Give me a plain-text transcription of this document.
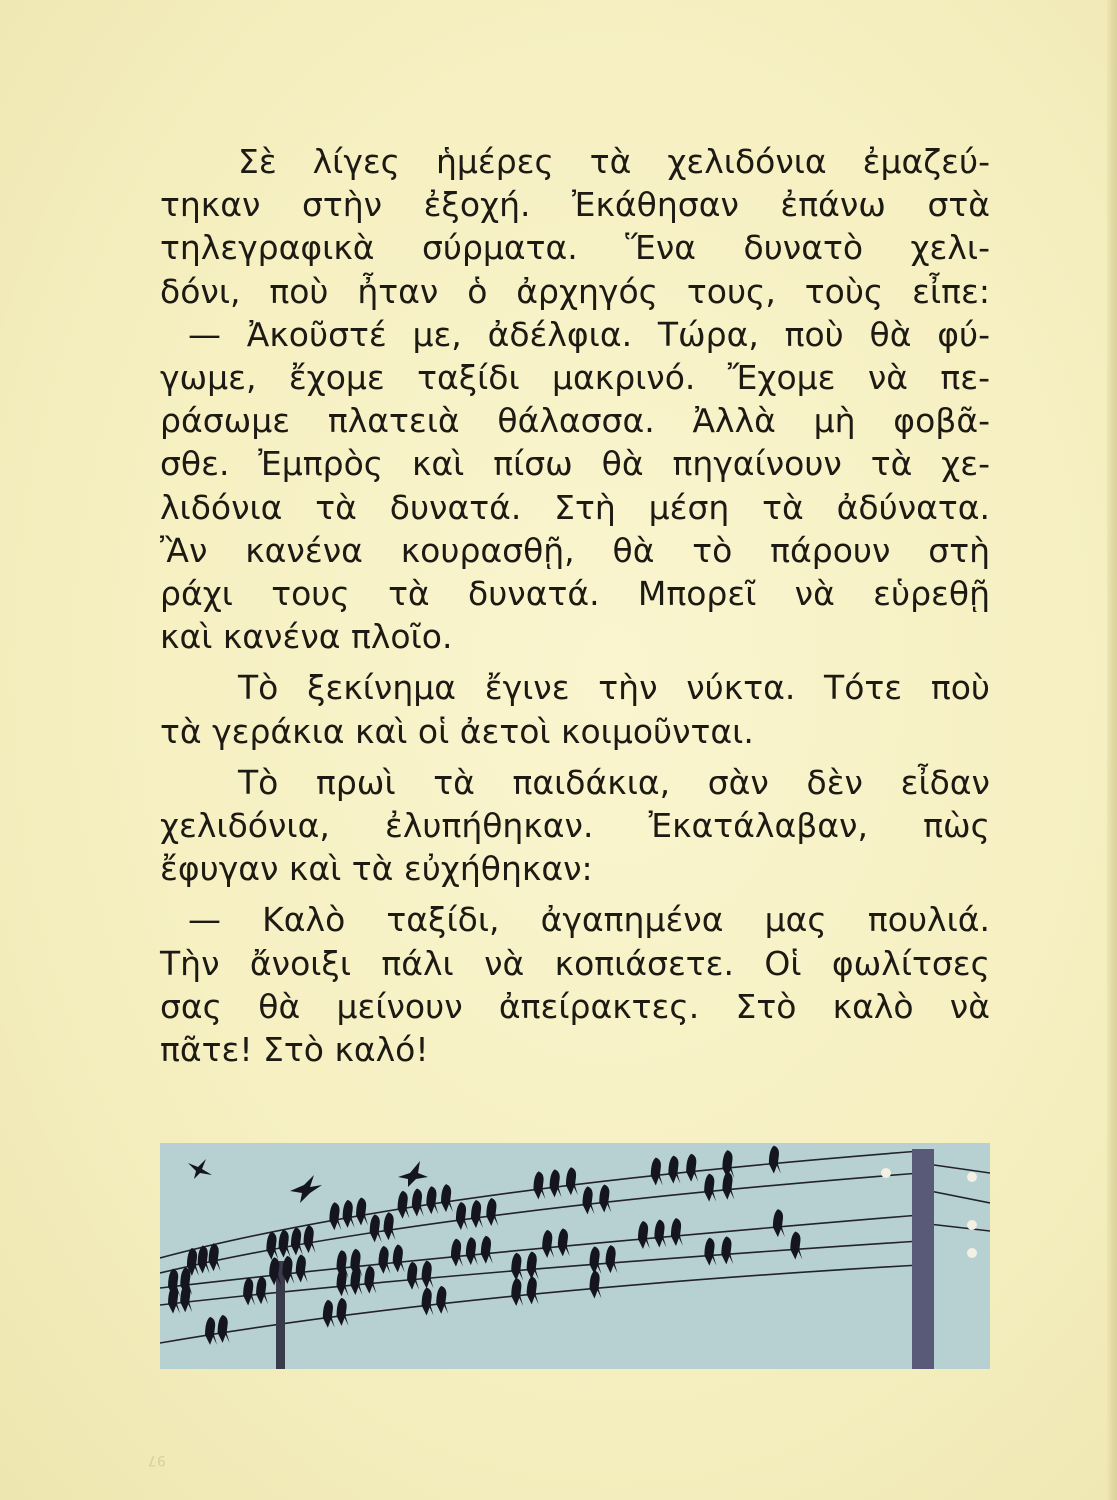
Σὲ λίγες ἡμέρες τὰ χελιδόνια ἐμαζεύ-
τηκαν στὴν ἐξοχή. Ἐκάθησαν ἐπάνω στὰ
τηλεγραφικὰ σύρματα. Ἕνα δυνατὸ χελι-
δόνι, ποὺ ἦταν ὁ ἀρχηγός τους, τοὺς εἶπε:
— Ἀκοῦστέ με, ἀδέλφια. Τώρα, ποὺ θὰ φύ-
γωμε, ἔχομε ταξίδι μακρινό. Ἔχομε νὰ πε-
ράσωμε πλατειὰ θάλασσα. Ἀλλὰ μὴ φοβᾶ-
σθε. Ἐμπρὸς καὶ πίσω θὰ πηγαίνουν τὰ χε-
λιδόνια τὰ δυνατά. Στὴ μέση τὰ ἀδύνατα.
Ἂν κανένα κουρασθῇ, θὰ τὸ πάρουν στὴ
ράχι τους τὰ δυνατά. Μπορεῖ νὰ εὑρεθῇ
καὶ κανένα πλοῖο.
Τὸ ξεκίνημα ἔγινε τὴν νύκτα. Τότε ποὺ
τὰ γεράκια καὶ οἱ ἀετοὶ κοιμοῦνται.
Τὸ πρωὶ τὰ παιδάκια, σὰν δὲν εἶδαν
χελιδόνια, ἐλυπήθηκαν. Ἐκατάλαβαν, πὼς
ἔφυγαν καὶ τὰ εὐχήθηκαν:
— Καλὸ ταξίδι, ἀγαπημένα μας πουλιά.
Τὴν ἄνοιξι πάλι νὰ κοπιάσετε. Οἱ φωλίτσες
σας θὰ μείνουν ἀπείρακτες. Στὸ καλὸ νὰ
πᾶτε! Στὸ καλό!
97
